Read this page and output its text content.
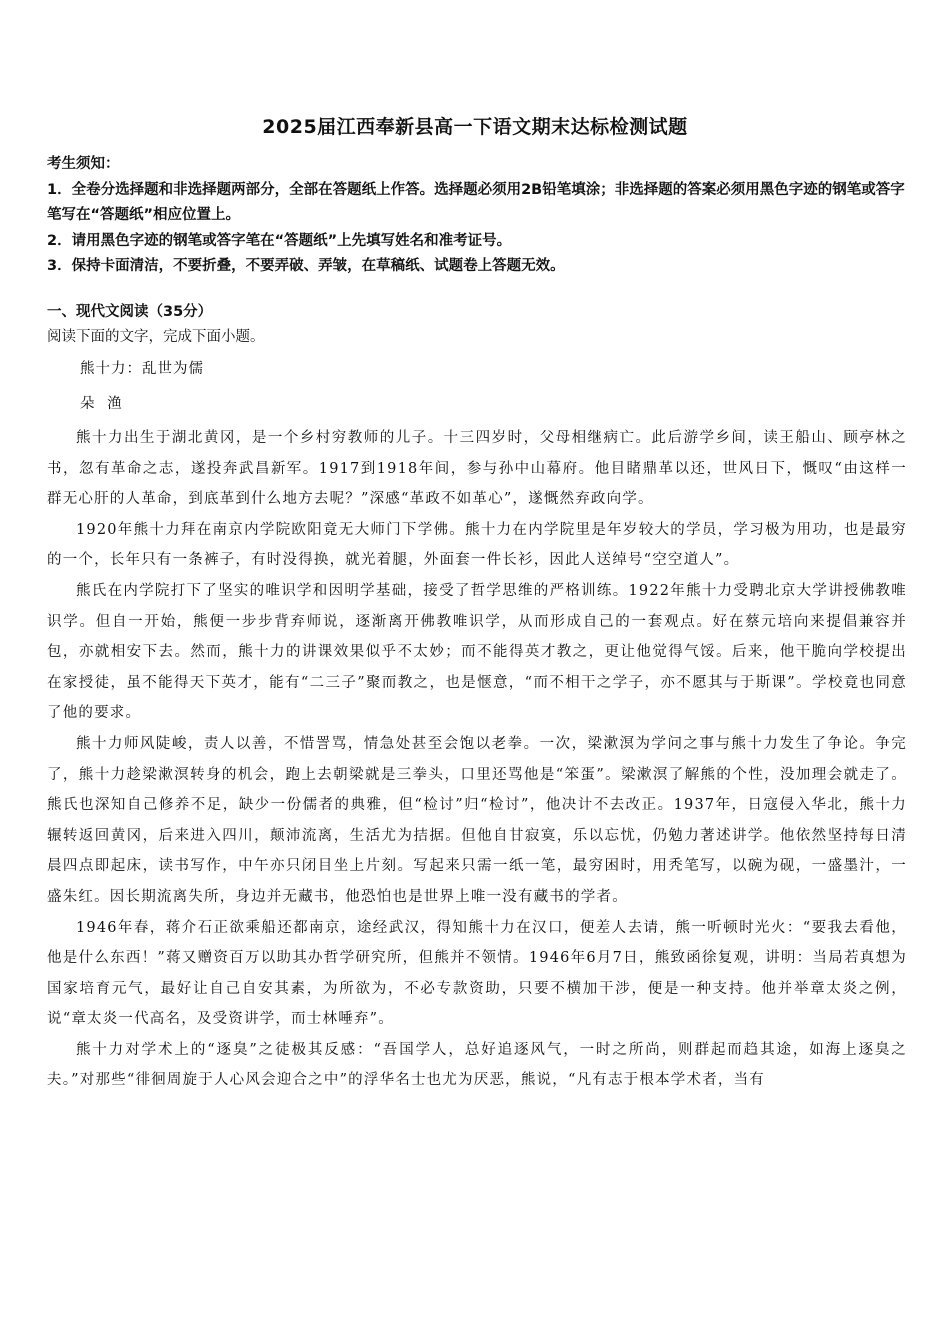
2025届江西奉新县高一下语文期末达标检测试题

考生须知：

1．全卷分选择题和非选择题两部分，全部在答题纸上作答。选择题必须用2B铅笔填涂；非选择题的答案必须用黑色字迹的钢笔或答字笔写在“答题纸”相应位置上。

2．请用黑色字迹的钢笔或答字笔在“答题纸”上先填写姓名和准考证号。

3．保持卡面清洁，不要折叠，不要弄破、弄皱，在草稿纸、试题卷上答题无效。

一、现代文阅读（35分）
阅读下面的文字，完成下面小题。
熊十力：乱世为儒
朵 渔

熊十力出生于湖北黄冈，是一个乡村穷教师的儿子。十三四岁时，父母相继病亡。此后游学乡间，读王船山、顾亭林之书，忽有革命之志，遂投奔武昌新军。1917到1918年间，参与孙中山幕府。他目睹鼎革以还，世风日下，慨叹“由这样一群无心肝的人革命，到底革到什么地方去呢？”深感“革政不如革心”，遂慨然弃政向学。

1920年熊十力拜在南京内学院欧阳竟无大师门下学佛。熊十力在内学院里是年岁较大的学员，学习极为用功，也是最穷的一个，长年只有一条裤子，有时没得换，就光着腿，外面套一件长衫，因此人送绰号“空空道人”。

熊氏在内学院打下了坚实的唯识学和因明学基础，接受了哲学思维的严格训练。1922年熊十力受聘北京大学讲授佛教唯识学。但自一开始，熊便一步步背弃师说，逐渐离开佛教唯识学，从而形成自己的一套观点。好在蔡元培向来提倡兼容并包，亦就相安下去。然而，熊十力的讲课效果似乎不太妙；而不能得英才教之，更让他觉得气馁。后来，他干脆向学校提出在家授徒，虽不能得天下英才，能有“二三子”聚而教之，也是惬意，“而不相干之学子，亦不愿其与于斯课”。学校竟也同意了他的要求。

熊十力师风陡峻，责人以善，不惜詈骂，情急处甚至会饱以老拳。一次，梁漱溟为学问之事与熊十力发生了争论。争完了，熊十力趁梁漱溟转身的机会，跑上去朝梁就是三拳头，口里还骂他是“笨蛋”。梁漱溟了解熊的个性，没加理会就走了。熊氏也深知自己修养不足，缺少一份儒者的典雅，但“检讨”归“检讨”，他决计不去改正。1937年，日寇侵入华北，熊十力辗转返回黄冈，后来进入四川，颠沛流离，生活尤为拮据。但他自甘寂寞，乐以忘忧，仍勉力著述讲学。他依然坚持每日清晨四点即起床，读书写作，中午亦只闭目坐上片刻。写起来只需一纸一笔，最穷困时，用秃笔写，以碗为砚，一盛墨汁，一盛朱红。因长期流离失所，身边并无藏书，他恐怕也是世界上唯一没有藏书的学者。

1946年春，蒋介石正欲乘船还都南京，途经武汉，得知熊十力在汉口，便差人去请，熊一听顿时光火：“要我去看他，他是什么东西！”蒋又赠资百万以助其办哲学研究所，但熊并不领情。1946年6月7日，熊致函徐复观，讲明：当局若真想为国家培育元气，最好让自己自安其素，为所欲为，不必专款资助，只要不横加干涉，便是一种支持。他并举章太炎之例，说“章太炎一代高名，及受资讲学，而士林唾弃”。

熊十力对学术上的“逐臭”之徒极其反感：“吾国学人，总好追逐风气，一时之所尚，则群起而趋其途，如海上逐臭之夫。”对那些“徘徊周旋于人心风会迎合之中”的浮华名士也尤为厌恶，熊说，“凡有志于根本学术者，当有
